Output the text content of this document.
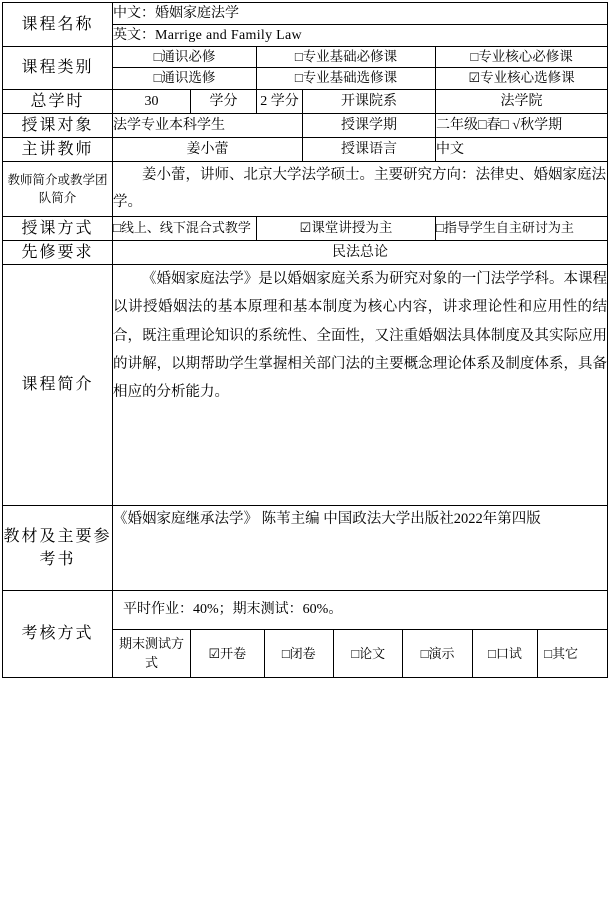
课程名称	中文：婚姻家庭法学
英文：Marrige and Family Law
课程类别	□通识必修	□专业基础必修课	□专业核心必修课
□通识选修	□专业基础选修课	☑专业核心选修课
总学时	30	学分	2 学分	开课院系	法学院
授课对象	法学专业本科学生	授课学期	二年级□春□ √秋学期
主讲教师	姜小蕾	授课语言	中文
教师简介或教学团队简介	姜小蕾，讲师、北京大学法学硕士。主要研究方向：法律史、婚姻家庭法学。
授课方式	□线上、线下混合式教学	☑课堂讲授为主	□指导学生自主研讨为主
先修要求	民法总论
课程简介	

《婚姻家庭法学》是以婚姻家庭关系为研究对象的一门法学学科。本课程以讲授婚姻法的基本原理和基本制度为核心内容，讲求理论性和应用性的结合，既注重理论知识的系统性、全面性，又注重婚姻法具体制度及其实际应用的讲解，以期帮助学生掌握相关部门法的主要概念理论体系及制度体系，具备相应的分析能力。

教材及主要参考书	《婚姻家庭继承法学》 陈苇主编 中国政法大学出版社2022年第四版
考核方式	
平时作业：40%；期末测试：60%。
期末测试方式	☑开卷	□闭卷	□论文	□演示	□口试	□其它
